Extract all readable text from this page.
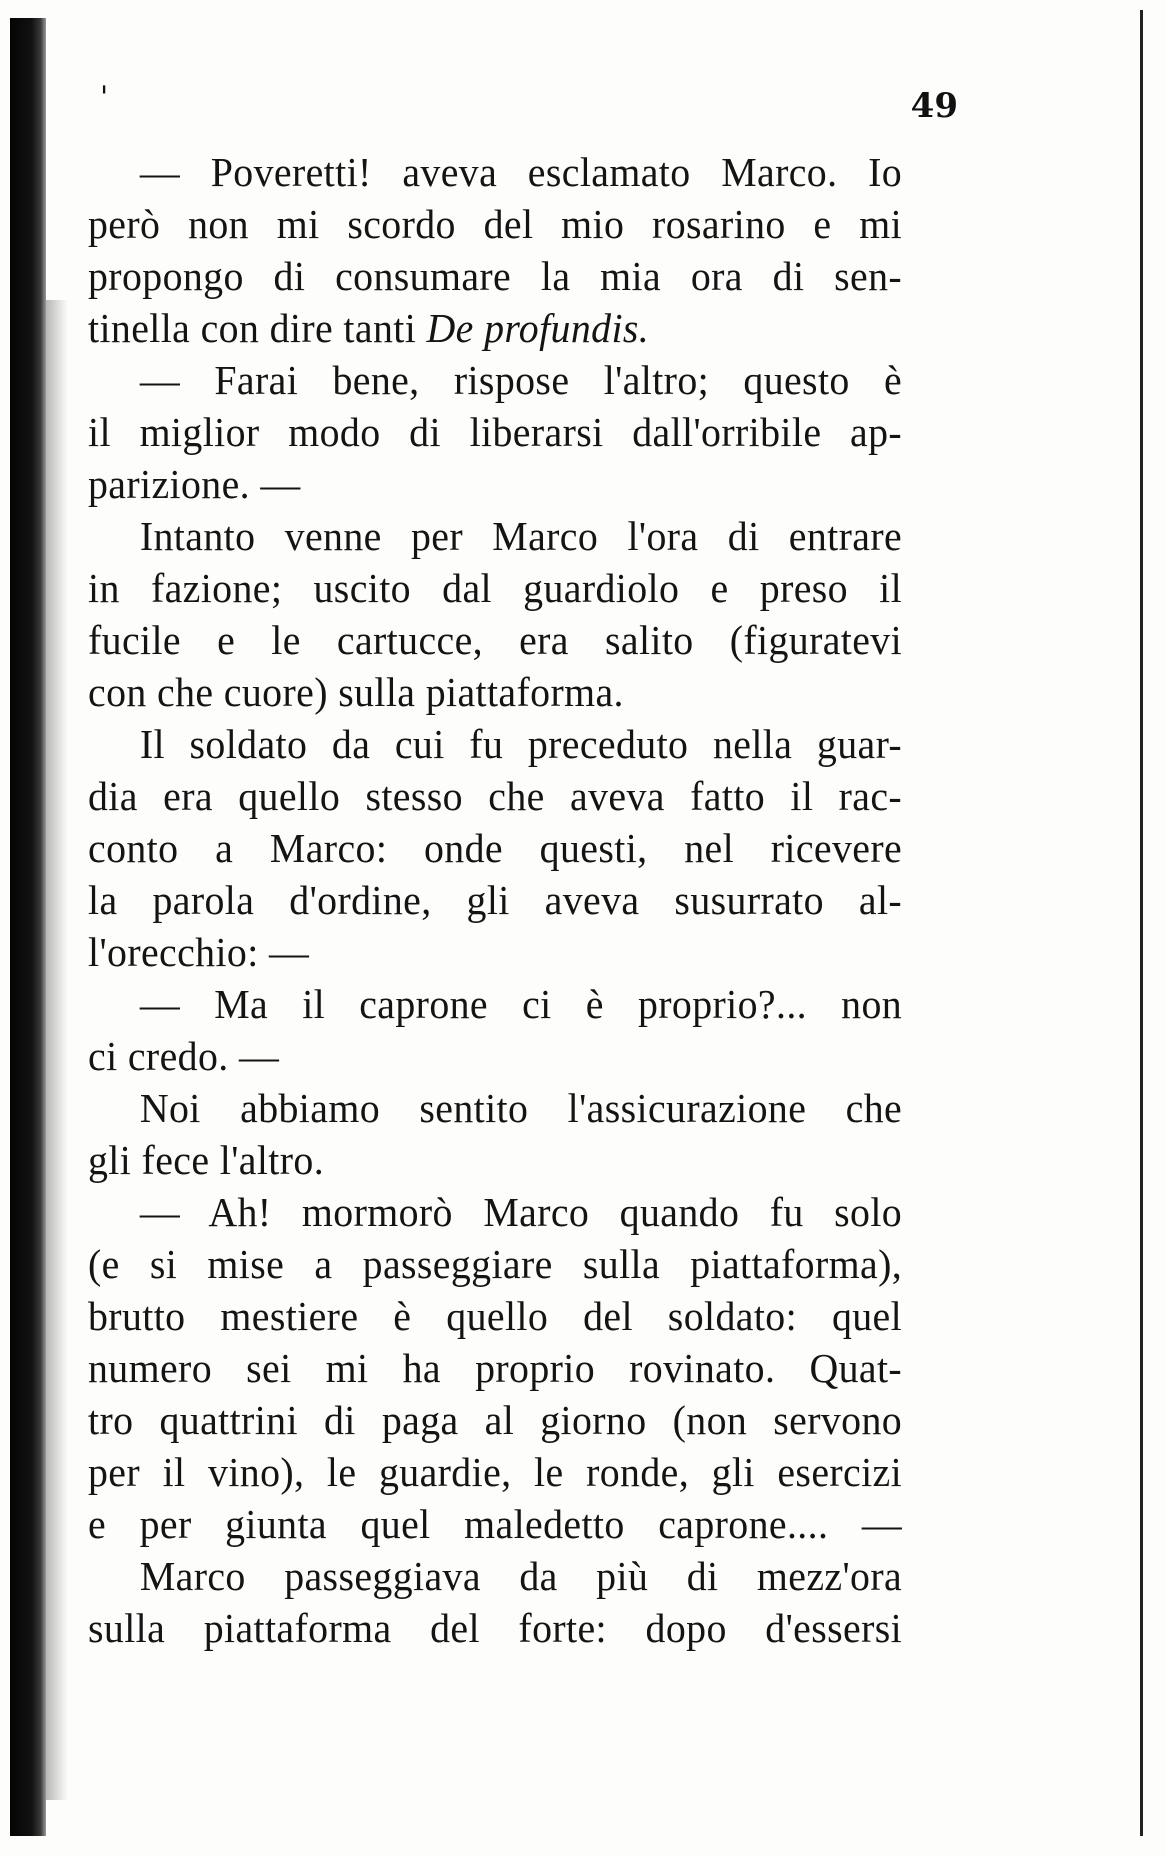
'	49
— Poveretti! aveva esclamato Marco. Io
però non mi scordo del mio rosarino e mi
propongo di consumare la mia ora di sen-
tinella con dire tanti De profundis.
— Farai bene, rispose l'altro; questo è
il miglior modo di liberarsi dall'orribile ap-
parizione. —
Intanto venne per Marco l'ora di entrare
in fazione; uscito dal guardiolo e preso il
fucile e le cartucce, era salito (figuratevi
con che cuore) sulla piattaforma.
Il soldato da cui fu preceduto nella guar-
dia era quello stesso che aveva fatto il rac-
conto a Marco: onde questi, nel ricevere
la parola d'ordine, gli aveva susurrato al-
l'orecchio: —
— Ma il caprone ci è proprio?... non
ci credo. —
Noi abbiamo sentito l'assicurazione che
gli fece l'altro.
— Ah! mormorò Marco quando fu solo
(e si mise a passeggiare sulla piattaforma),
brutto mestiere è quello del soldato: quel
numero sei mi ha proprio rovinato. Quat-
tro quattrini di paga al giorno (non servono
per il vino), le guardie, le ronde, gli esercizi
e per giunta quel maledetto caprone.... —
Marco passeggiava da più di mezz'ora
sulla piattaforma del forte: dopo d'essersi
